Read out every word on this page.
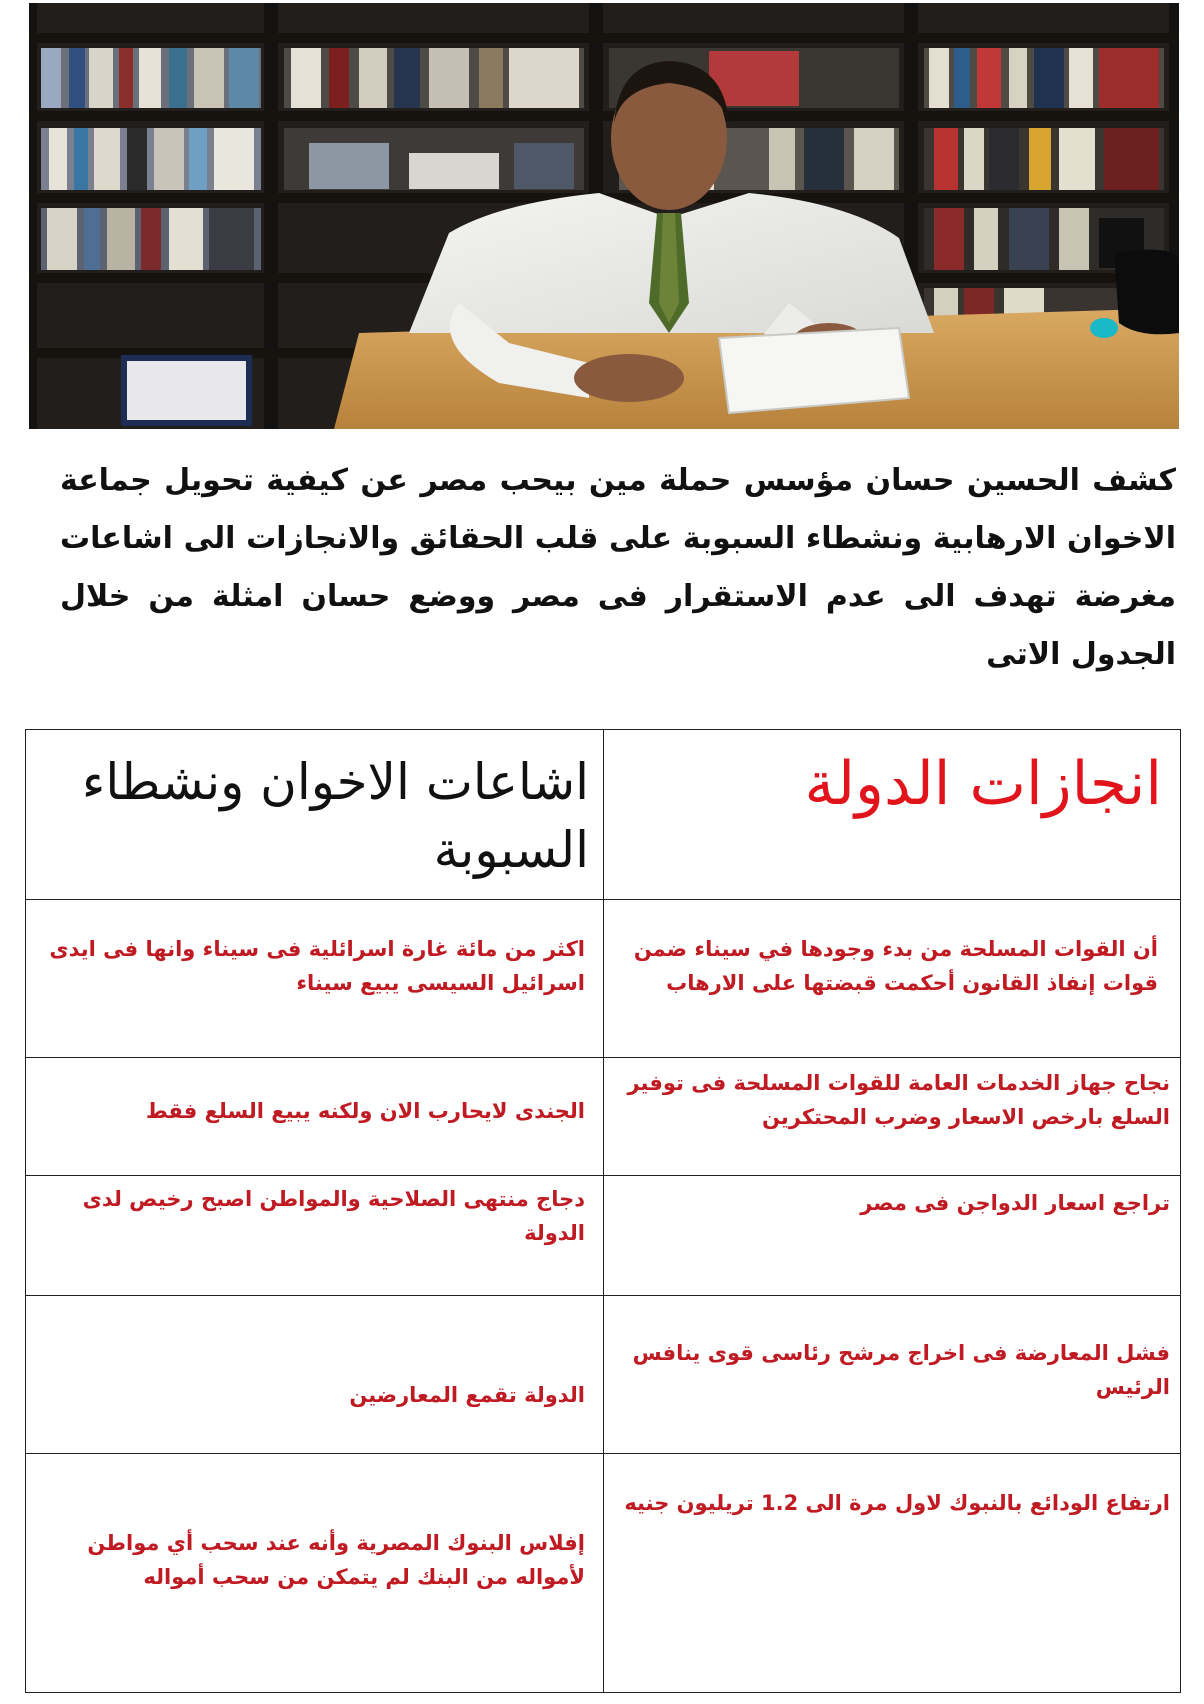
كشف الحسين حسان مؤسس حملة مين بيحب مصر عن كيفية تحويل جماعة الاخوان الارهابية ونشطاء السبوبة على قلب الحقائق والانجازات الى اشاعات مغرضة تهدف الى عدم الاستقرار فى مصر ووضع حسان امثلة من خلال الجدول الاتى

انجازات الدولة	اشاعات الاخوان ونشطاء السبوبة
أن القوات المسلحة من بدء وجودها في سيناء ضمن قوات إنفاذ القانون أحكمت قبضتها على الارهاب	اكثر من مائة غارة اسرائلية فى سيناء وانها فى ايدى اسرائيل السيسى يبيع سيناء
نجاح جهاز الخدمات العامة للقوات المسلحة فى توفير السلع بارخص الاسعار وضرب المحتكرين	الجندى لايحارب الان ولكنه يبيع السلع فقط
تراجع اسعار الدواجن فى مصر	دجاج منتهى الصلاحية والمواطن اصبح رخيص لدى الدولة
فشل المعارضة فى اخراج مرشح رئاسى قوى ينافس الرئيس	الدولة تقمع المعارضين
ارتفاع الودائع بالنبوك لاول مرة الى 1.2 تريليون جنيه	إفلاس البنوك المصرية وأنه عند سحب أي مواطن لأمواله من البنك لم يتمكن من سحب أمواله
